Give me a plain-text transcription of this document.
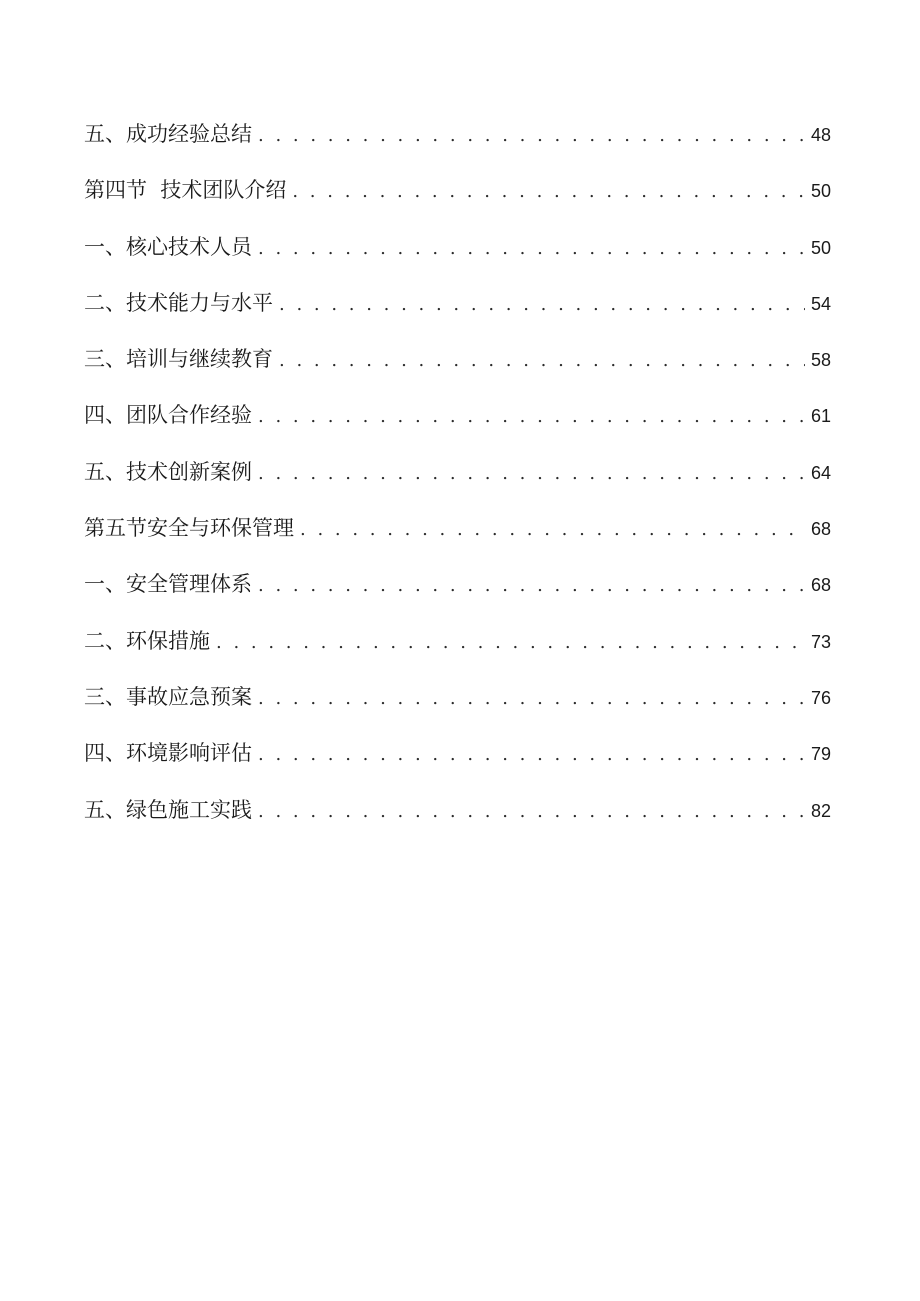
五、成功经验总结 . . .	48
第四节  技术团队介绍 . . .	50
一、核心技术人员 . . .	50
二、技术能力与水平 . . .	54
三、培训与继续教育 . . .	58
四、团队合作经验 . . .	61
五、技术创新案例 . . .	64
第五节安全与环保管理 . . .	68
一、安全管理体系 . . .	68
二、环保措施 . . .	73
三、事故应急预案 . . .	76
四、环境影响评估 . . .	79
五、绿色施工实践 . . .	82
